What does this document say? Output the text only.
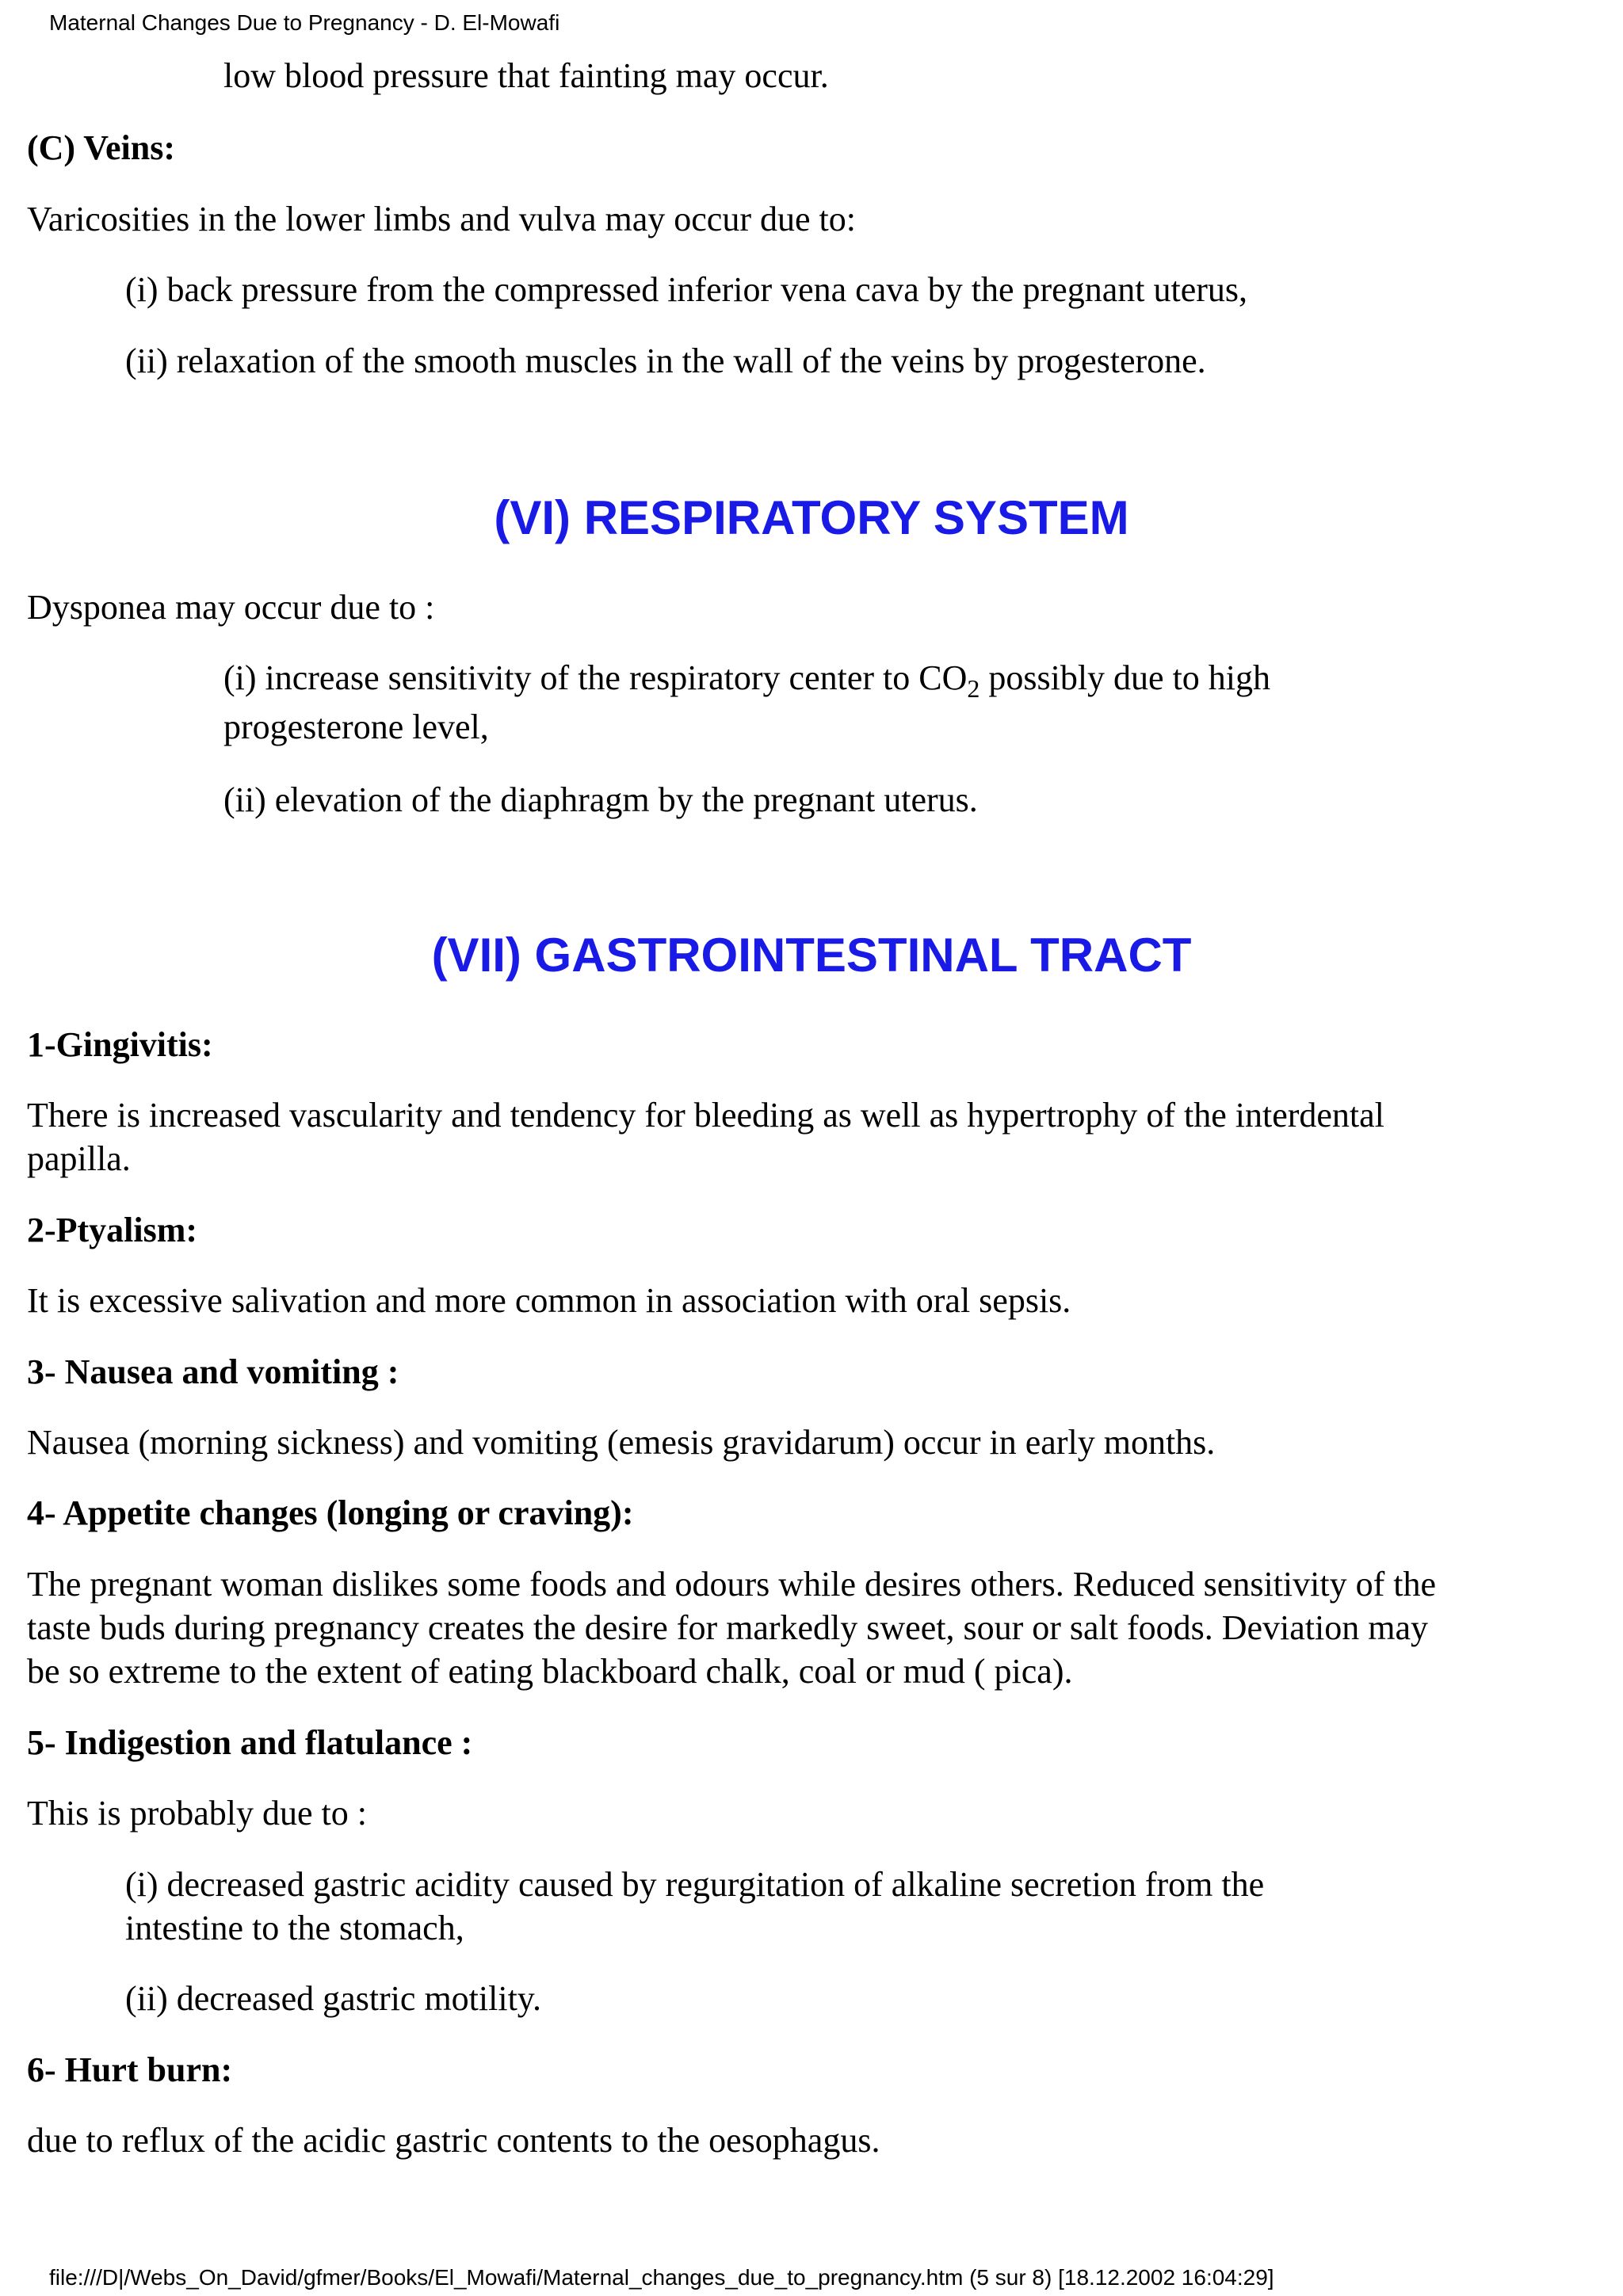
Maternal Changes Due to Pregnancy - D. El-Mowafi
low blood pressure that fainting may occur.
(C) Veins:
Varicosities in the lower limbs and vulva may occur due to:
(i) back pressure from the compressed inferior vena cava by the pregnant uterus,
(ii) relaxation of the smooth muscles in the wall of the veins by progesterone.
(VI) RESPIRATORY SYSTEM
Dysponea may occur due to :
(i) increase sensitivity of the respiratory center to $CO_2$ possibly due to high
progesterone level,
(ii) elevation of the diaphragm by the pregnant uterus.
(VII) GASTROINTESTINAL TRACT
1-Gingivitis:
There is increased vascularity and tendency for bleeding as well as hypertrophy of the interdental
papilla.
2-Ptyalism:
It is excessive salivation and more common in association with oral sepsis.
3- Nausea and vomiting :
Nausea (morning sickness) and vomiting (emesis gravidarum) occur in early months.
4- Appetite changes (longing or craving):
The pregnant woman dislikes some foods and odours while desires others. Reduced sensitivity of the
taste buds during pregnancy creates the desire for markedly sweet, sour or salt foods. Deviation may
be so extreme to the extent of eating blackboard chalk, coal or mud ( pica).
5- Indigestion and flatulance :
This is probably due to :
(i) decreased gastric acidity caused by regurgitation of alkaline secretion from the
intestine to the stomach,
(ii) decreased gastric motility.
6- Hurt burn:
due to reflux of the acidic gastric contents to the oesophagus.
file:///D|/Webs_On_David/gfmer/Books/El_Mowafi/Maternal_changes_due_to_pregnancy.htm (5 sur 8) [18.12.2002 16:04:29]
